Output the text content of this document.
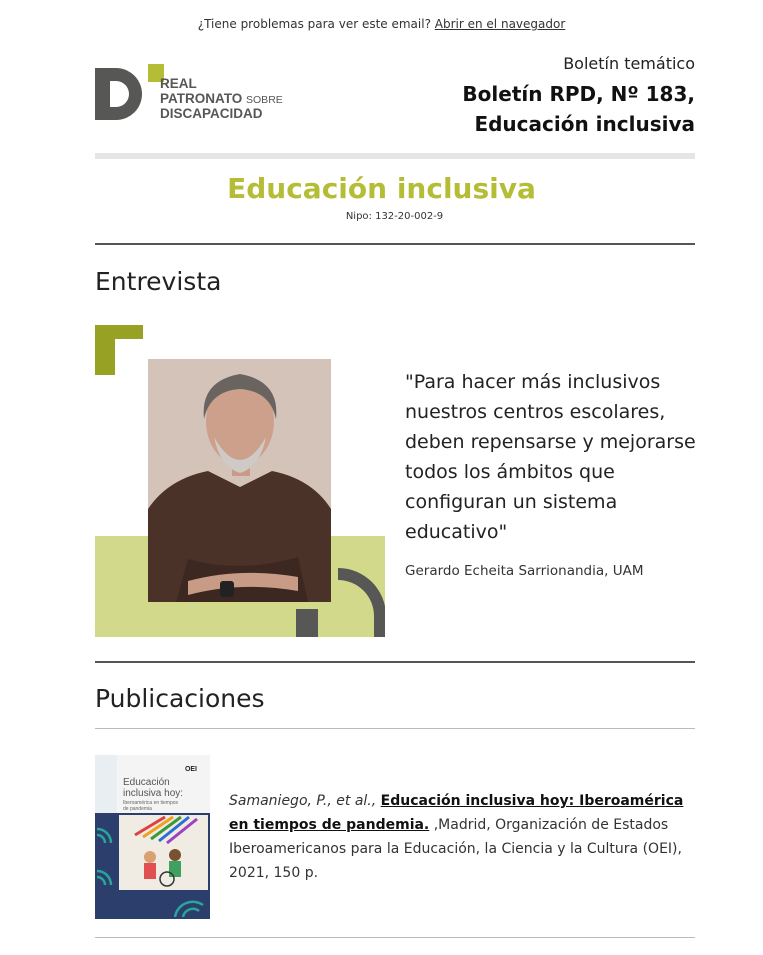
¿Tiene problemas para ver este email? Abrir en el navegador
REAL
PATRONATO SOBRE
DISCAPACIDAD
Boletín temático
Boletín RPD, Nº 183,
Educación inclusiva
Educación inclusiva
Nipo: 132-20-002-9
Entrevista
"Para hacer más inclusivos nuestros centros escolares, deben repensarse y mejorarse todos los ámbitos que configuran un sistema educativo"
Gerardo Echeita Sarrionandia, UAM
Publicaciones
OEI
Educación
inclusiva hoy:
Iberoamérica en tiempos
de pandemia	Samaniego, P., et al., Educación inclusiva hoy: Iberoamérica en tiempos de pandemia. ,Madrid, Organización de Estados Iberoamericanos para la Educación, la Ciencia y la Cultura (OEI), 2021, 150 p.
